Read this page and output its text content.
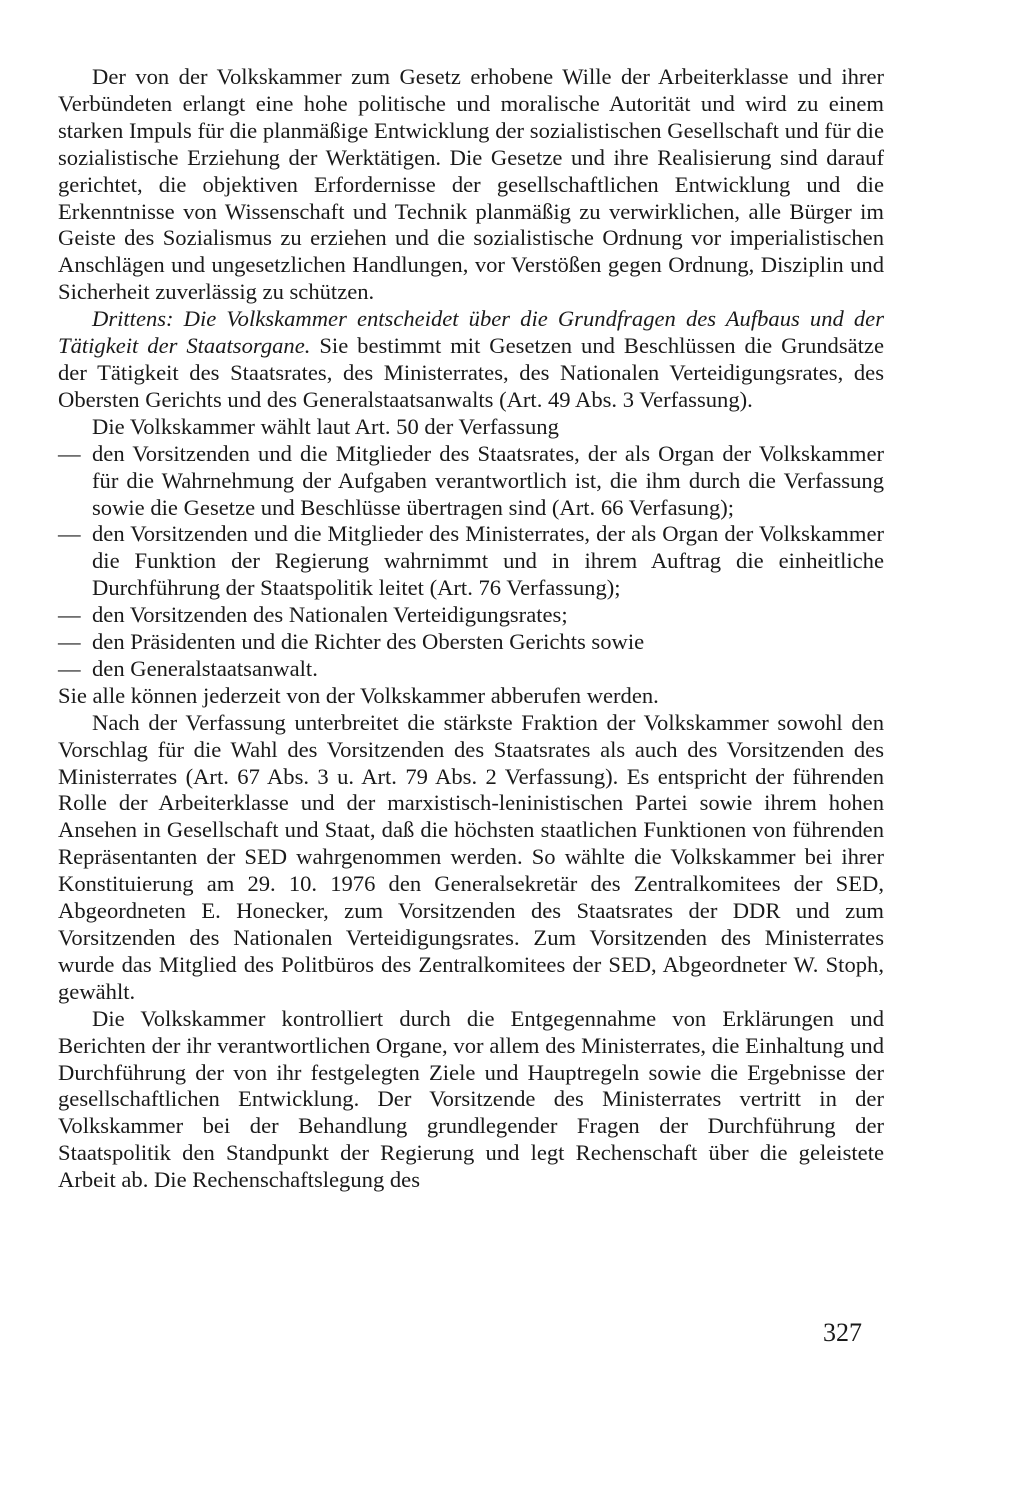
Der von der Volkskammer zum Gesetz erhobene Wille der Arbeiterklasse und ihrer Verbündeten erlangt eine hohe politische und moralische Autorität und wird zu einem starken Impuls für die planmäßige Entwicklung der sozialistischen Gesellschaft und für die sozialistische Erziehung der Werktätigen. Die Gesetze und ihre Realisierung sind darauf gerichtet, die objektiven Erfordernisse der gesellschaftlichen Entwicklung und die Erkenntnisse von Wissenschaft und Technik planmäßig zu verwirklichen, alle Bürger im Geiste des Sozialismus zu erziehen und die sozialistische Ordnung vor imperialistischen Anschlägen und ungesetzlichen Handlungen, vor Verstößen gegen Ordnung, Disziplin und Sicherheit zuverlässig zu schützen.

Drittens: Die Volkskammer entscheidet über die Grundfragen des Aufbaus und der Tätigkeit der Staatsorgane. Sie bestimmt mit Gesetzen und Beschlüssen die Grundsätze der Tätigkeit des Staatsrates, des Ministerrates, des Nationalen Verteidigungsrates, des Obersten Gerichts und des Generalstaatsanwalts (Art. 49 Abs. 3 Verfassung).

Die Volkskammer wählt laut Art. 50 der Verfassung

— den Vorsitzenden und die Mitglieder des Staatsrates, der als Organ der Volkskammer für die Wahrnehmung der Aufgaben verantwortlich ist, die ihm durch die Verfassung sowie die Gesetze und Beschlüsse übertragen sind (Art. 66 Verfasung);

— den Vorsitzenden und die Mitglieder des Ministerrates, der als Organ der Volkskammer die Funktion der Regierung wahrnimmt und in ihrem Auftrag die einheitliche Durchführung der Staatspolitik leitet (Art. 76 Verfassung);

— den Vorsitzenden des Nationalen Verteidigungsrates;

— den Präsidenten und die Richter des Obersten Gerichts sowie

— den Generalstaatsanwalt.

Sie alle können jederzeit von der Volkskammer abberufen werden.

Nach der Verfassung unterbreitet die stärkste Fraktion der Volkskammer sowohl den Vorschlag für die Wahl des Vorsitzenden des Staatsrates als auch des Vorsitzenden des Ministerrates (Art. 67 Abs. 3 u. Art. 79 Abs. 2 Verfassung). Es entspricht der führenden Rolle der Arbeiterklasse und der marxistisch-leninistischen Partei sowie ihrem hohen Ansehen in Gesellschaft und Staat, daß die höchsten staatlichen Funktionen von führenden Repräsentanten der SED wahrgenommen werden. So wählte die Volkskammer bei ihrer Konstituierung am 29. 10. 1976 den Generalsekretär des Zentralkomitees der SED, Abgeordneten E. Honecker, zum Vorsitzenden des Staatsrates der DDR und zum Vorsitzenden des Nationalen Verteidigungsrates. Zum Vorsitzenden des Ministerrates wurde das Mitglied des Politbüros des Zentralkomitees der SED, Abgeordneter W. Stoph, gewählt.

Die Volkskammer kontrolliert durch die Entgegennahme von Erklärungen und Berichten der ihr verantwortlichen Organe, vor allem des Ministerrates, die Einhaltung und Durchführung der von ihr festgelegten Ziele und Hauptregeln sowie die Ergebnisse der gesellschaftlichen Entwicklung. Der Vorsitzende des Ministerrates vertritt in der Volkskammer bei der Behandlung grundlegender Fragen der Durchführung der Staatspolitik den Standpunkt der Regierung und legt Rechenschaft über die geleistete Arbeit ab. Die Rechenschaftslegung des

327
